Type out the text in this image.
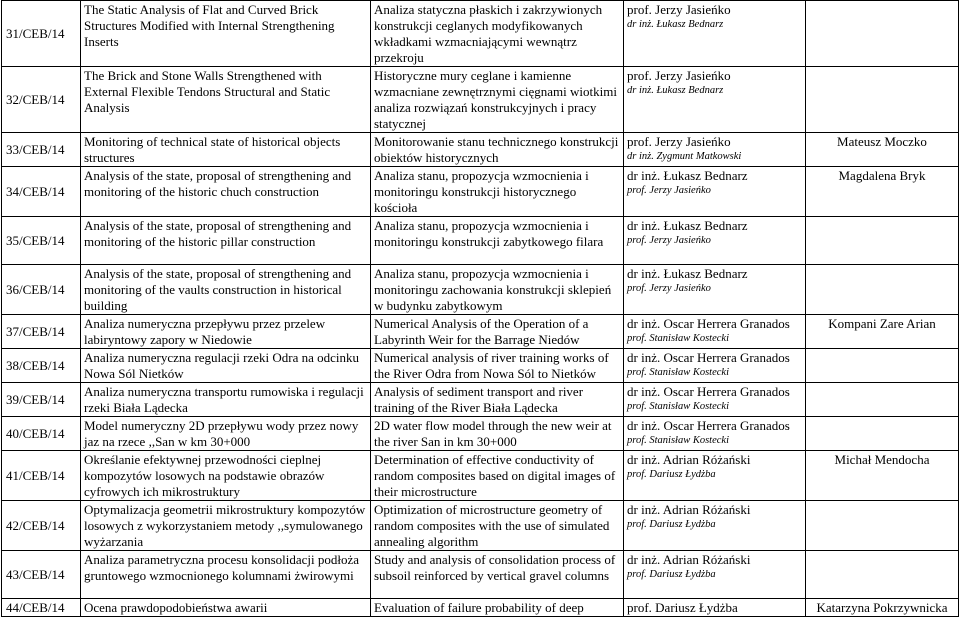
31/CEB/14	The Static Analysis of Flat and Curved Brick Structures Modified with Internal Strengthening Inserts	Analiza statyczna płaskich i zakrzywionych konstrukcji ceglanych modyfikowanych wkładkami wzmacniającymi wewnątrz przekroju	prof. Jerzy Jasieńko
dr inż. Łukasz Bednarz	

32/CEB/14	The Brick and Stone Walls Strengthened with External Flexible Tendons Structural and Static Analysis	Historyczne mury ceglane i kamienne wzmacniane zewnętrznymi cięgnami wiotkimi analiza rozwiązań konstrukcyjnych i pracy statycznej	prof. Jerzy Jasieńko
dr inż. Łukasz Bednarz	

33/CEB/14	Monitoring of technical state of historical objects structures	Monitorowanie stanu technicznego konstrukcji obiektów historycznych	prof. Jerzy Jasieńko
dr inż. Zygmunt Matkowski	Mateusz Moczko
34/CEB/14	Analysis of the state, proposal of strengthening and monitoring of the historic chuch construction	Analiza stanu, propozycja wzmocnienia i monitoringu konstrukcji historycznego kościoła	dr inż. Łukasz Bednarz
prof. Jerzy Jasieńko	Magdalena Bryk
35/CEB/14	Analysis of the state, proposal of strengthening and monitoring of the historic pillar construction	Analiza stanu, propozycja wzmocnienia i monitoringu konstrukcji zabytkowego filara	dr inż. Łukasz Bednarz
prof. Jerzy Jasieńko	

36/CEB/14	Analysis of the state, proposal of strengthening and monitoring of the vaults construction in historical building	Analiza stanu, propozycja wzmocnienia i monitoringu zachowania konstrukcji sklepień w budynku zabytkowym	dr inż. Łukasz Bednarz
prof. Jerzy Jasieńko	

37/CEB/14	Analiza numeryczna przepływu przez przelew labiryntowy zapory w Niedowie	Numerical Analysis of the Operation of a Labyrinth Weir for the Barrage Niedów	dr inż. Oscar Herrera Granados
prof. Stanisław Kostecki	Kompani Zare Arian
38/CEB/14	Analiza numeryczna regulacji rzeki Odra na odcinku Nowa Sól Nietków	Numerical analysis of river training works of the River Odra from Nowa Sól to Nietków	dr inż. Oscar Herrera Granados
prof. Stanisław Kostecki	

39/CEB/14	Analiza numeryczna transportu rumowiska i regulacji rzeki Biała Lądecka	Analysis of sediment transport and river training of the River Biała Lądecka	dr inż. Oscar Herrera Granados
prof. Stanisław Kostecki	

40/CEB/14	Model numeryczny 2D przepływu wody przez nowy jaz na rzece ,,San w km 30+000	2D water flow model through the new weir at the river San in km 30+000	dr inż. Oscar Herrera Granados
prof. Stanisław Kostecki	

41/CEB/14	Określanie efektywnej przewodności cieplnej kompozytów losowych na podstawie obrazów cyfrowych ich mikrostruktury	Determination of effective conductivity of random composites based on digital images of their microstructure	dr inż. Adrian Różański
prof. Dariusz Łydżba	Michał Mendocha
42/CEB/14	Optymalizacja geometrii mikrostruktury kompozytów losowych z wykorzystaniem metody ,,symulowanego wyżarzania	Optimization of microstructure geometry of random composites with the use of simulated annealing algorithm	dr inż. Adrian Różański
prof. Dariusz Łydżba	

43/CEB/14	Analiza parametryczna procesu konsolidacji podłoża gruntowego wzmocnionego kolumnami żwirowymi	Study and analysis of consolidation process of subsoil reinforced by vertical gravel columns	dr inż. Adrian Różański
prof. Dariusz Łydżba	

44/CEB/14	Ocena prawdopodobieństwa awarii	Evaluation of failure probability of deep	prof. Dariusz Łydżba	Katarzyna Pokrzywnicka
